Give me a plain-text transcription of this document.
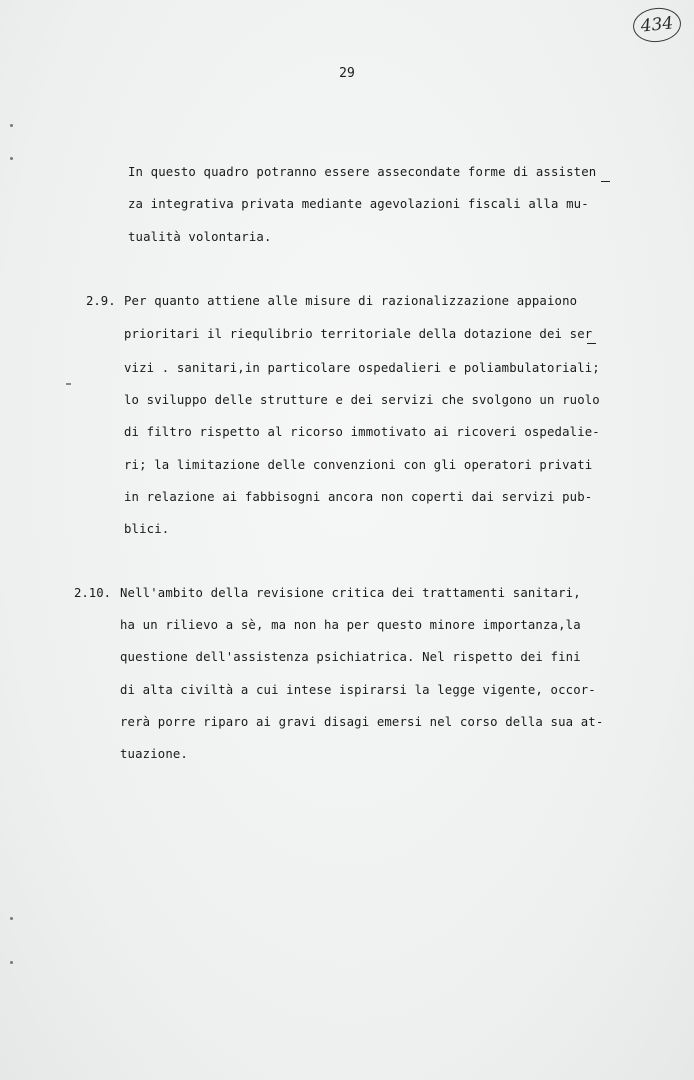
434
29
In questo quadro potranno essere assecondate forme di assisten
za integrativa privata mediante agevolazioni fiscali alla mu-
tualità volontaria.
2.9. Per quanto attiene alle misure di razionalizzazione appaiono
prioritari il riequlibrio territoriale della dotazione dei ser
vizi . sanitari,in particolare ospedalieri e poliambulatoriali;
lo sviluppo delle strutture e dei servizi che svolgono un ruolo
di filtro rispetto al ricorso immotivato ai ricoveri ospedalie-
ri; la limitazione delle convenzioni con gli operatori privati
in relazione ai fabbisogni ancora non coperti dai servizi pub-
blici.
2.10. Nell'ambito della revisione critica dei trattamenti sanitari,
ha un rilievo a sè, ma non ha per questo minore importanza,la
questione dell'assistenza psichiatrica. Nel rispetto dei fini
di alta civiltà a cui intese ispirarsi la legge vigente, occor-
rerà porre riparo ai gravi disagi emersi nel corso della sua at-
tuazione.
